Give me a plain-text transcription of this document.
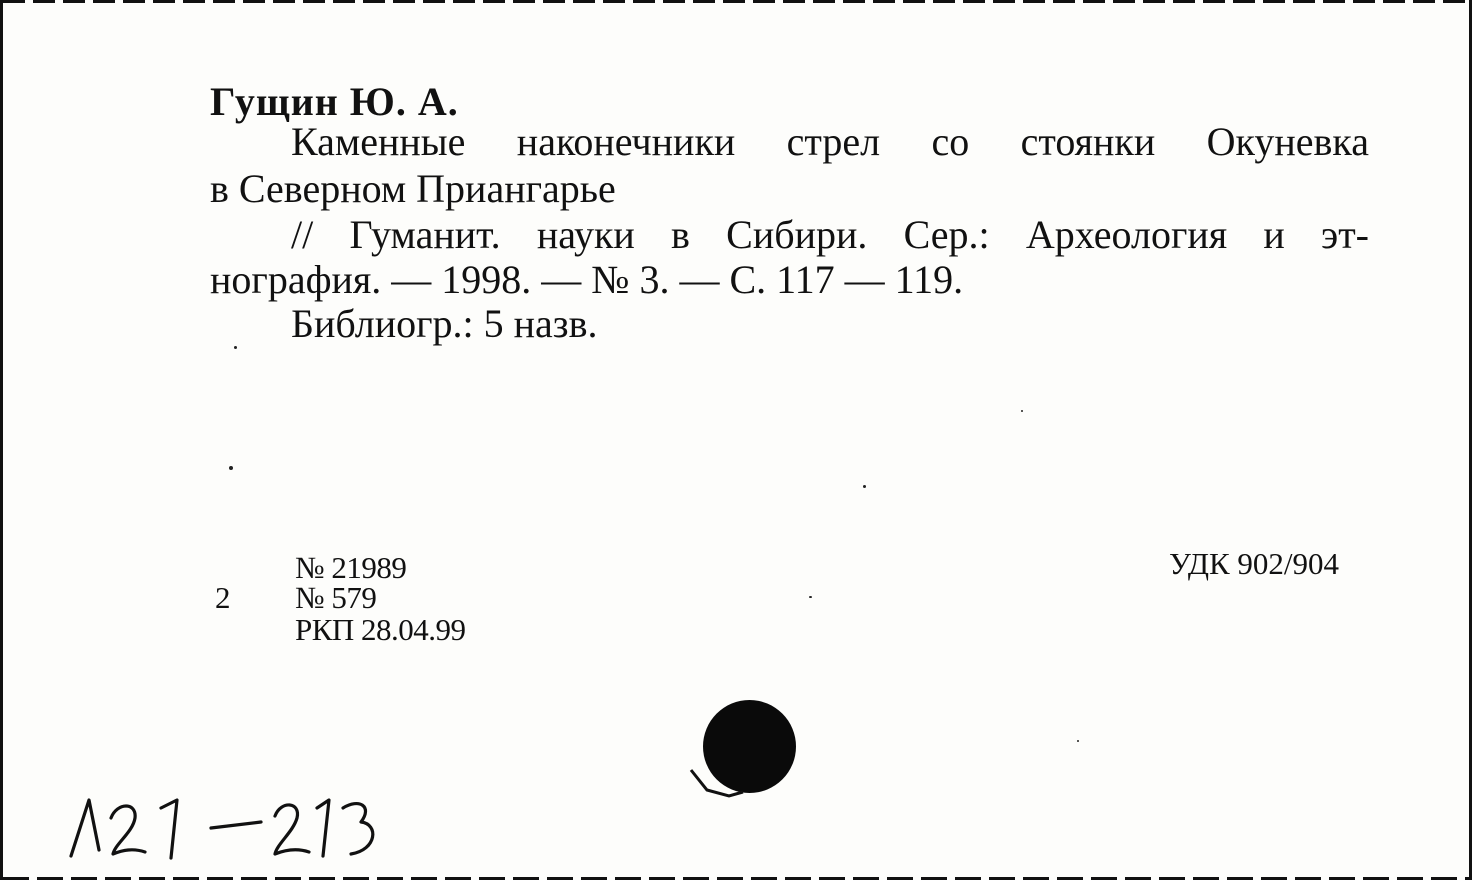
Гущин Ю. А.

Каменные наконечники стрел со стоянки Окуневка

в Северном Приангарье

// Гуманит. науки в Сибири. Сер.: Археология и эт-

нография. — 1998. — № 3. — С. 117 — 119.

Библиогр.: 5 назв.

№ 21989

2 № 579

РКП 28.04.99

УДК 902/904
